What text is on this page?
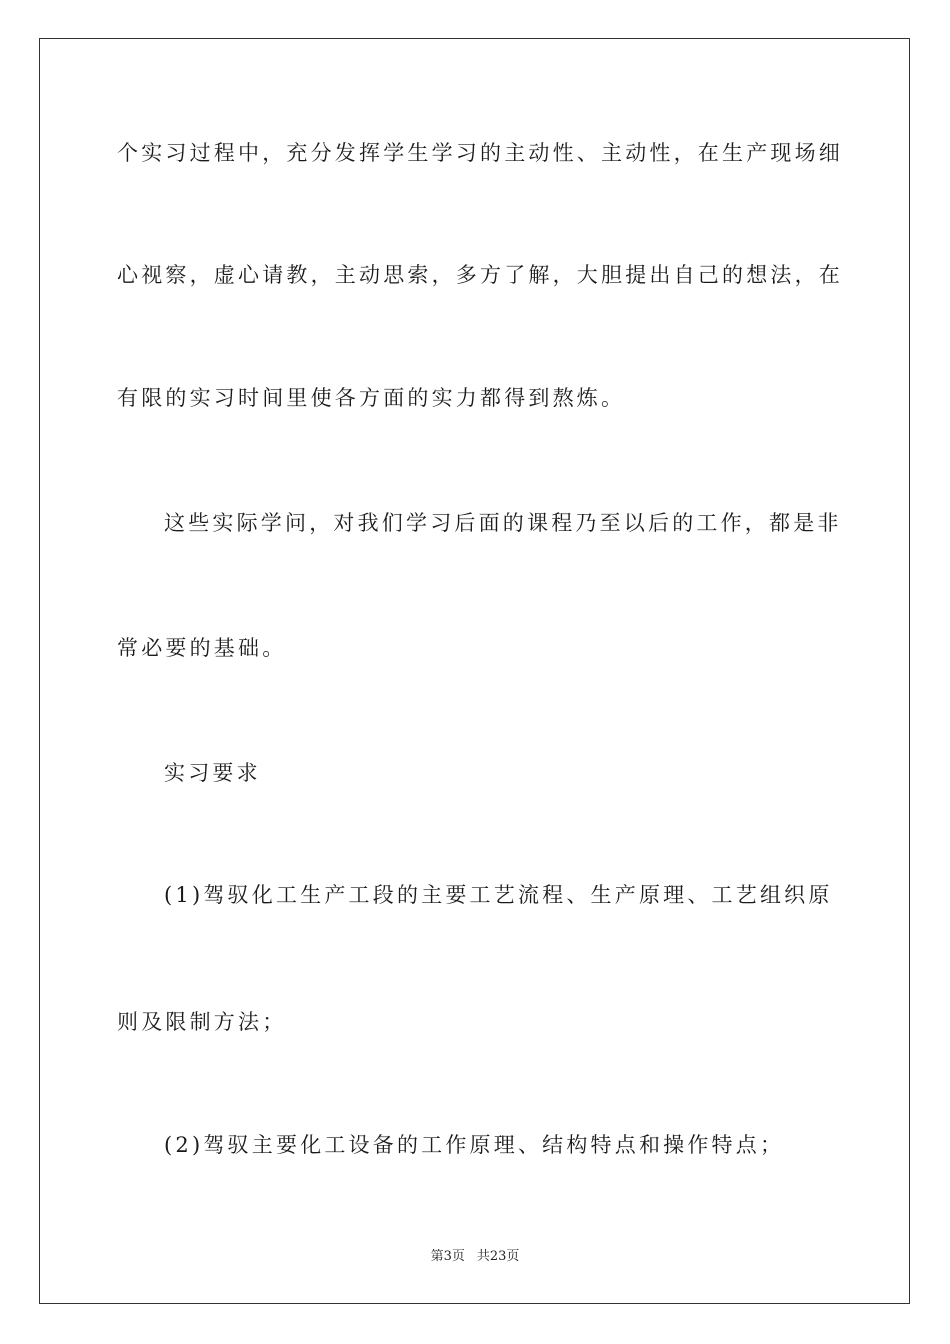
个实习过程中，充分发挥学生学习的主动性、主动性，在生产现场细
心视察，虚心请教，主动思索，多方了解，大胆提出自己的想法，在
有限的实习时间里使各方面的实力都得到熬炼。
这些实际学问，对我们学习后面的课程乃至以后的工作，都是非
常必要的基础。
实习要求
(1)驾驭化工生产工段的主要工艺流程、生产原理、工艺组织原
则及限制方法；
(2)驾驭主要化工设备的工作原理、结构特点和操作特点；
第3页 共23页
